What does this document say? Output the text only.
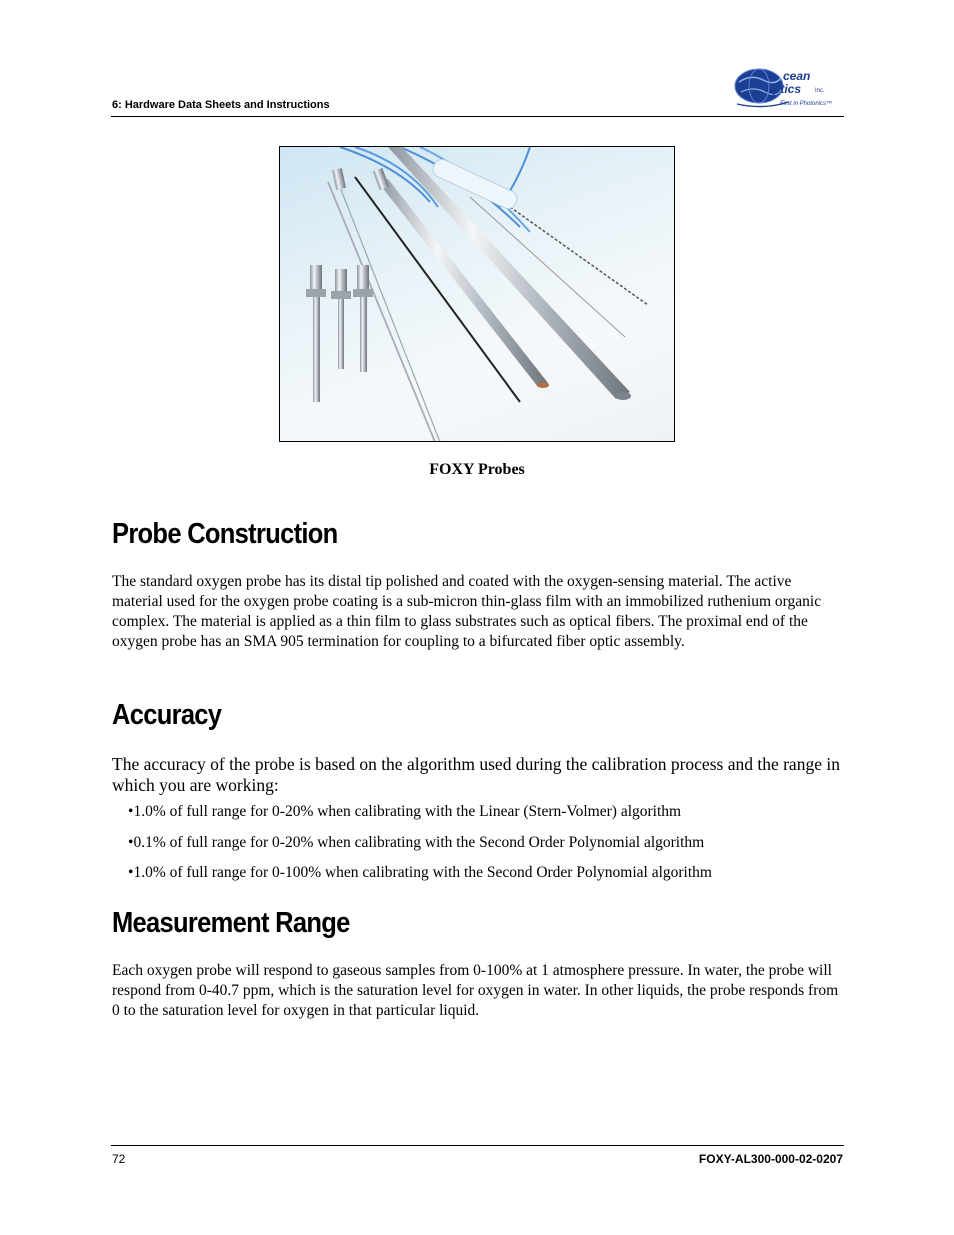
6: Hardware Data Sheets and Instructions
cean
ptics Inc.
First in Photonics™
FOXY Probes
Probe Construction

The standard oxygen probe has its distal tip polished and coated with the oxygen-sensing material. The active material used for the oxygen probe coating is a sub-micron thin-glass film with an immobilized ruthenium organic complex. The material is applied as a thin film to glass substrates such as optical fibers. The proximal end of the oxygen probe has an SMA 905 termination for coupling to a bifurcated fiber optic assembly.

Accuracy

The accuracy of the probe is based on the algorithm used during the calibration process and the range in which you are working:

•1.0% of full range for 0-20% when calibrating with the Linear (Stern-Volmer) algorithm
•0.1% of full range for 0-20% when calibrating with the Second Order Polynomial algorithm
•1.0% of full range for 0-100% when calibrating with the Second Order Polynomial algorithm
Measurement Range

Each oxygen probe will respond to gaseous samples from 0-100% at 1 atmosphere pressure. In water, the probe will respond from 0-40.7 ppm, which is the saturation level for oxygen in water. In other liquids, the probe responds from 0 to the saturation level for oxygen in that particular liquid.

72	FOXY-AL300-000-02-0207
